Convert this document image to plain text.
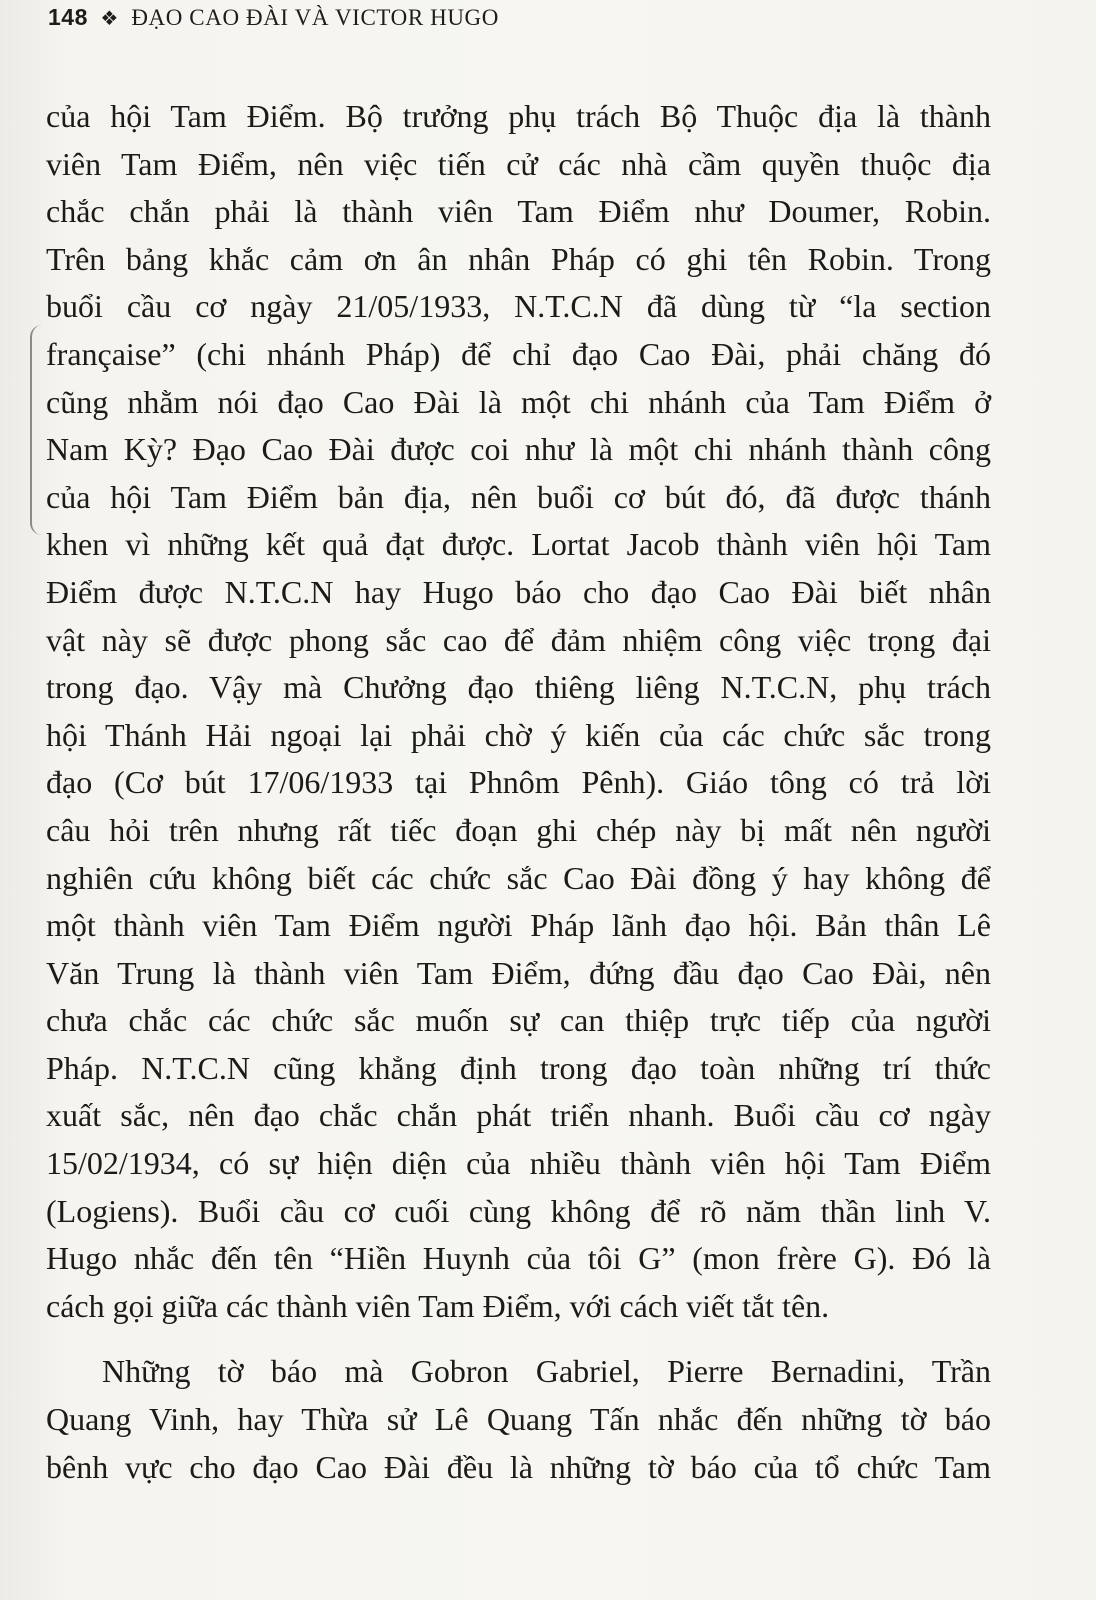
148 ❖ ĐẠO CAO ĐÀI VÀ VICTOR HUGO
của hội Tam Điểm. Bộ trưởng phụ trách Bộ Thuộc địa là thành
viên Tam Điểm, nên việc tiến cử các nhà cầm quyền thuộc địa
chắc chắn phải là thành viên Tam Điểm như Doumer, Robin.
Trên bảng khắc cảm ơn ân nhân Pháp có ghi tên Robin. Trong
buổi cầu cơ ngày 21/05/1933, N.T.C.N đã dùng từ “la section
française” (chi nhánh Pháp) để chỉ đạo Cao Đài, phải chăng đó
cũng nhằm nói đạo Cao Đài là một chi nhánh của Tam Điểm ở
Nam Kỳ? Đạo Cao Đài được coi như là một chi nhánh thành công
của hội Tam Điểm bản địa, nên buổi cơ bút đó, đã được thánh
khen vì những kết quả đạt được. Lortat Jacob thành viên hội Tam
Điểm được N.T.C.N hay Hugo báo cho đạo Cao Đài biết nhân
vật này sẽ được phong sắc cao để đảm nhiệm công việc trọng đại
trong đạo. Vậy mà Chưởng đạo thiêng liêng N.T.C.N, phụ trách
hội Thánh Hải ngoại lại phải chờ ý kiến của các chức sắc trong
đạo (Cơ bút 17/06/1933 tại Phnôm Pênh). Giáo tông có trả lời
câu hỏi trên nhưng rất tiếc đoạn ghi chép này bị mất nên người
nghiên cứu không biết các chức sắc Cao Đài đồng ý hay không để
một thành viên Tam Điểm người Pháp lãnh đạo hội. Bản thân Lê
Văn Trung là thành viên Tam Điểm, đứng đầu đạo Cao Đài, nên
chưa chắc các chức sắc muốn sự can thiệp trực tiếp của người
Pháp. N.T.C.N cũng khẳng định trong đạo toàn những trí thức
xuất sắc, nên đạo chắc chắn phát triển nhanh. Buổi cầu cơ ngày
15/02/1934, có sự hiện diện của nhiều thành viên hội Tam Điểm
(Logiens). Buổi cầu cơ cuối cùng không để rõ năm thần linh V.
Hugo nhắc đến tên “Hiền Huynh của tôi G” (mon frère G). Đó là
cách gọi giữa các thành viên Tam Điểm, với cách viết tắt tên.
Những tờ báo mà Gobron Gabriel, Pierre Bernadini, Trần
Quang Vinh, hay Thừa sử Lê Quang Tấn nhắc đến những tờ báo
bênh vực cho đạo Cao Đài đều là những tờ báo của tổ chức Tam
